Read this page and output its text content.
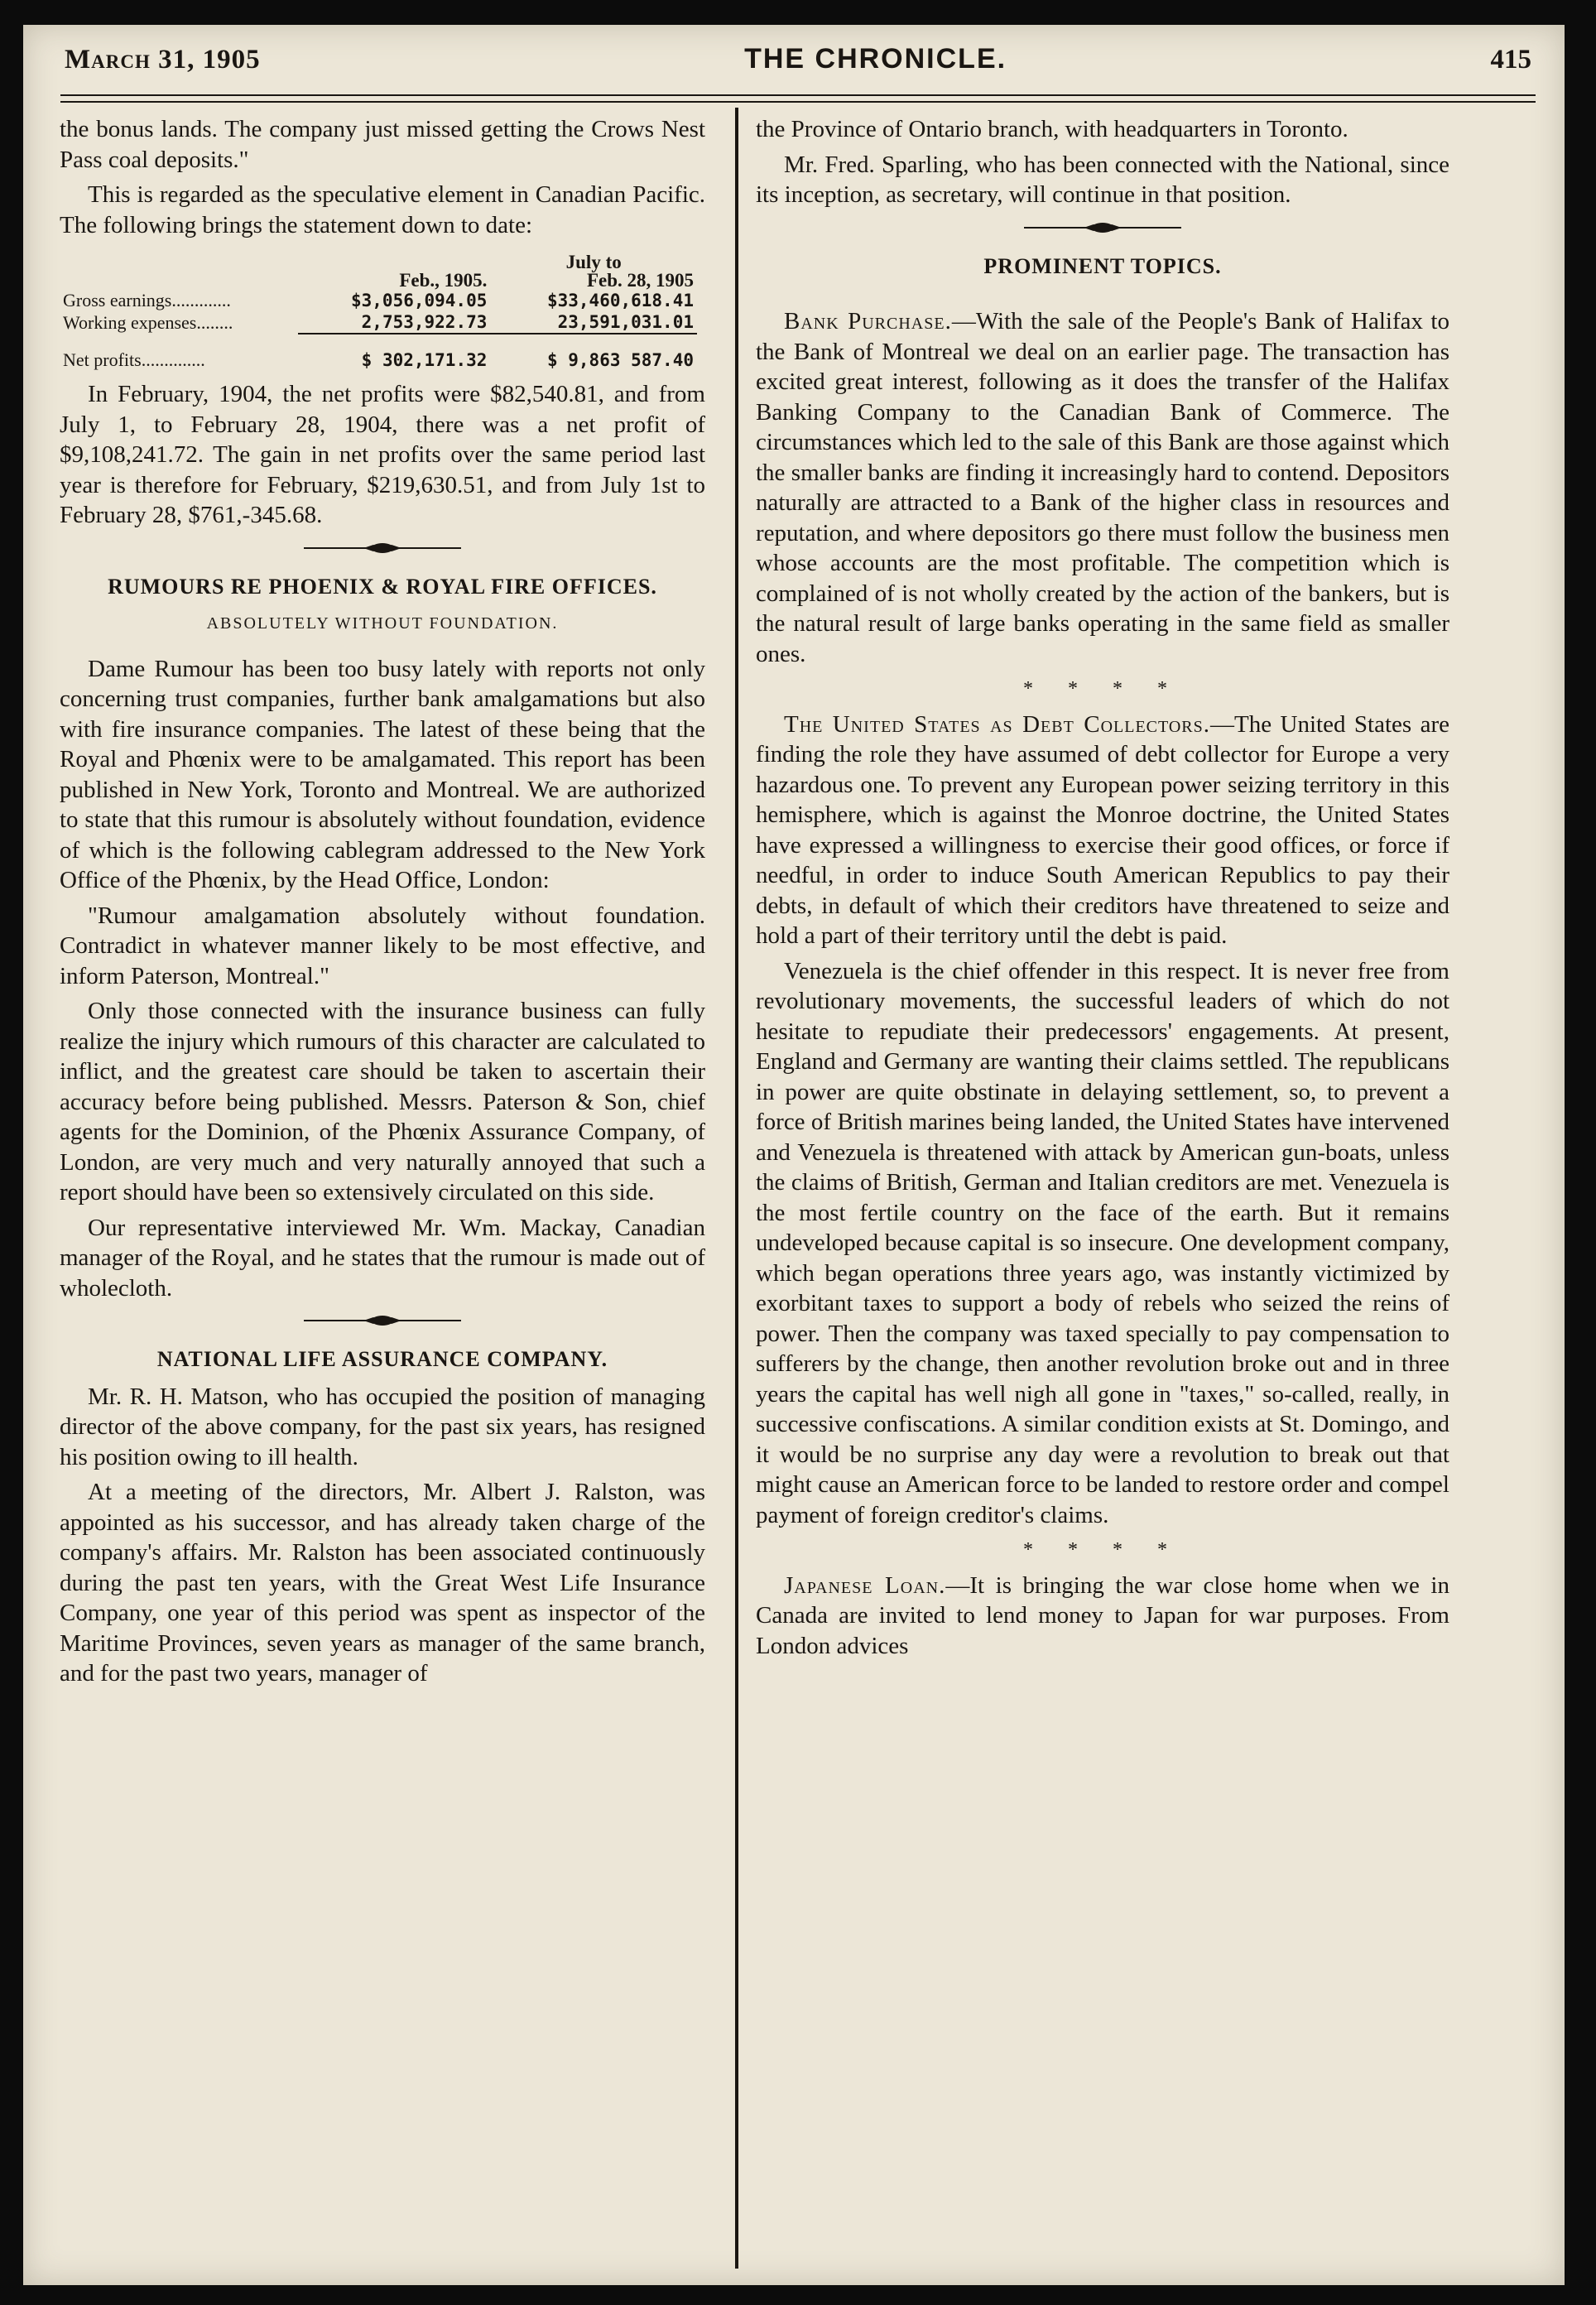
March 31, 1905	THE CHRONICLE.	415

the bonus lands. The company just missed getting the Crows Nest Pass coal deposits."

This is regarded as the speculative element in Canadian Pacific. The following brings the statement down to date:

	Feb., 1905.	July to
Feb. 28, 1905

Gross earnings.............	$3,056,094.05	$33,460,618.41
Working expenses........	2,753,922.73	23,591,031.01
Net profits..............	$ 302,171.32	$ 9,863 587.40

In February, 1904, the net profits were $82,540.81, and from July 1, to February 28, 1904, there was a net profit of $9,108,241.72. The gain in net profits over the same period last year is therefore for February, $219,630.51, and from July 1st to February 28, $761,-345.68.

RUMOURS RE PHOENIX & ROYAL FIRE OFFICES.
ABSOLUTELY WITHOUT FOUNDATION.

Dame Rumour has been too busy lately with reports not only concerning trust companies, further bank amalgamations but also with fire insurance companies. The latest of these being that the Royal and Phœnix were to be amalgamated. This report has been published in New York, Toronto and Montreal. We are authorized to state that this rumour is absolutely without foundation, evidence of which is the following cablegram addressed to the New York Office of the Phœnix, by the Head Office, London:

"Rumour amalgamation absolutely without foundation. Contradict in whatever manner likely to be most effective, and inform Paterson, Montreal."

Only those connected with the insurance business can fully realize the injury which rumours of this character are calculated to inflict, and the greatest care should be taken to ascertain their accuracy before being published. Messrs. Paterson & Son, chief agents for the Dominion, of the Phœnix Assurance Company, of London, are very much and very naturally annoyed that such a report should have been so extensively circulated on this side.

Our representative interviewed Mr. Wm. Mackay, Canadian manager of the Royal, and he states that the rumour is made out of wholecloth.

NATIONAL LIFE ASSURANCE COMPANY.

Mr. R. H. Matson, who has occupied the position of managing director of the above company, for the past six years, has resigned his position owing to ill health.

At a meeting of the directors, Mr. Albert J. Ralston, was appointed as his successor, and has already taken charge of the company's affairs. Mr. Ralston has been associated continuously during the past ten years, with the Great West Life Insurance Company, one year of this period was spent as inspector of the Maritime Provinces, seven years as manager of the same branch, and for the past two years, manager of

the Province of Ontario branch, with headquarters in Toronto.

Mr. Fred. Sparling, who has been connected with the National, since its inception, as secretary, will continue in that position.

PROMINENT TOPICS.

Bank Purchase.—With the sale of the People's Bank of Halifax to the Bank of Montreal we deal on an earlier page. The transaction has excited great interest, following as it does the transfer of the Halifax Banking Company to the Canadian Bank of Commerce. The circumstances which led to the sale of this Bank are those against which the smaller banks are finding it increasingly hard to contend. Depositors naturally are attracted to a Bank of the higher class in resources and reputation, and where depositors go there must follow the business men whose accounts are the most profitable. The competition which is complained of is not wholly created by the action of the bankers, but is the natural result of large banks operating in the same field as smaller ones.

* * * *

The United States as Debt Collectors.—The United States are finding the role they have assumed of debt collector for Europe a very hazardous one. To prevent any European power seizing territory in this hemisphere, which is against the Monroe doctrine, the United States have expressed a willingness to exercise their good offices, or force if needful, in order to induce South American Republics to pay their debts, in default of which their creditors have threatened to seize and hold a part of their territory until the debt is paid.

Venezuela is the chief offender in this respect. It is never free from revolutionary movements, the successful leaders of which do not hesitate to repudiate their predecessors' engagements. At present, England and Germany are wanting their claims settled. The republicans in power are quite obstinate in delaying settlement, so, to prevent a force of British marines being landed, the United States have intervened and Venezuela is threatened with attack by American gun-boats, unless the claims of British, German and Italian creditors are met. Venezuela is the most fertile country on the face of the earth. But it remains undeveloped because capital is so insecure. One development company, which began operations three years ago, was instantly victimized by exorbitant taxes to support a body of rebels who seized the reins of power. Then the company was taxed specially to pay compensation to sufferers by the change, then another revolution broke out and in three years the capital has well nigh all gone in "taxes," so-called, really, in successive confiscations. A similar condition exists at St. Domingo, and it would be no surprise any day were a revolution to break out that might cause an American force to be landed to restore order and compel payment of foreign creditor's claims.

* * * *

Japanese Loan.—It is bringing the war close home when we in Canada are invited to lend money to Japan for war purposes. From London advices
